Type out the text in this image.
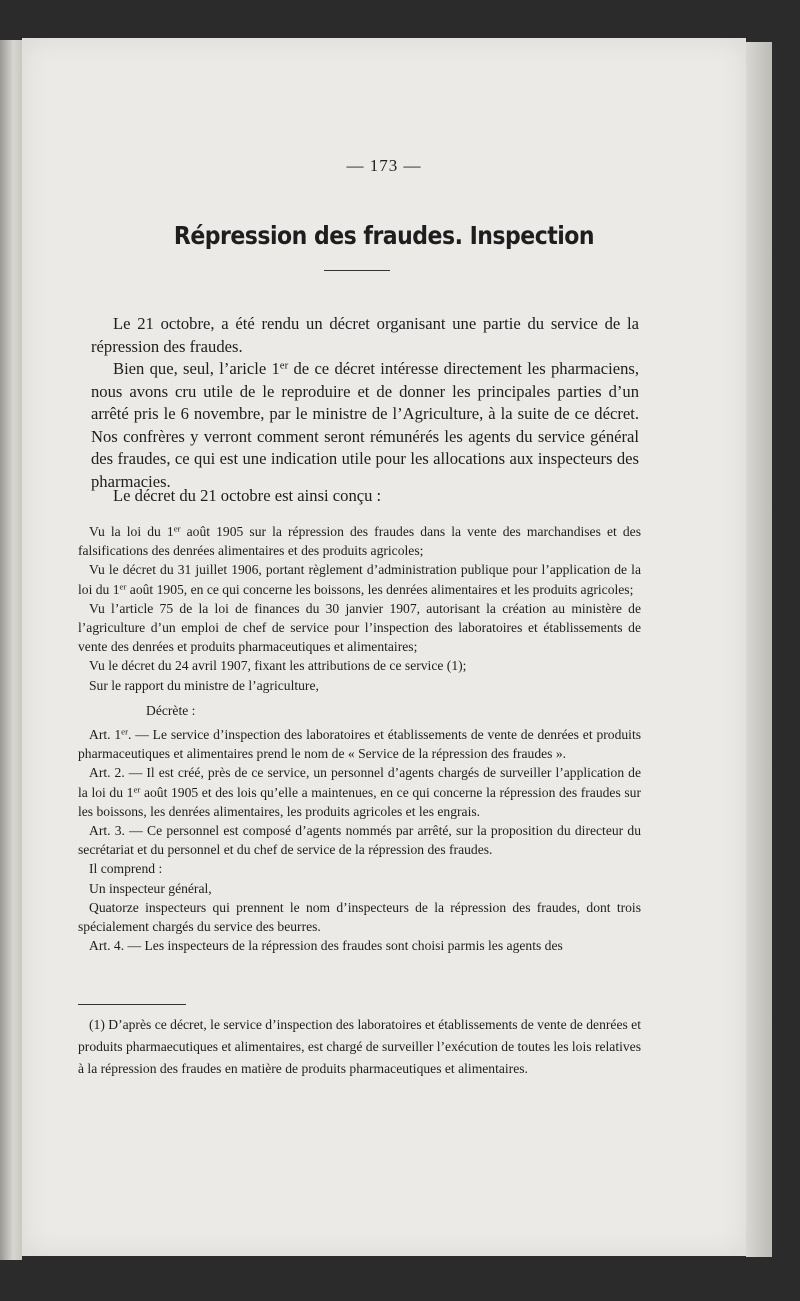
— 173 —
Répression des fraudes. Inspection

Le 21 octobre, a été rendu un décret organisant une partie du service de la répression des fraudes.

Bien que, seul, l’aricle 1er de ce décret intéresse directement les pharmaciens, nous avons cru utile de le reproduire et de donner les principales parties d’un arrêté pris le 6 novembre, par le ministre de l’Agriculture, à la suite de ce décret. Nos confrères y verront comment seront rémunérés les agents du service général des fraudes, ce qui est une indication utile pour les allocations aux inspecteurs des pharmacies.

Le décret du 21 octobre est ainsi conçu :

Vu la loi du 1er août 1905 sur la répression des fraudes dans la vente des marchandises et des falsifications des denrées alimentaires et des produits agricoles;

Vu le décret du 31 juillet 1906, portant règlement d’administration publique pour l’application de la loi du 1er août 1905, en ce qui concerne les boissons, les denrées alimentaires et les produits agricoles;

Vu l’article 75 de la loi de finances du 30 janvier 1907, autorisant la création au ministère de l’agriculture d’un emploi de chef de service pour l’inspection des laboratoires et établissements de vente des denrées et produits pharmaceutiques et alimentaires;

Vu le décret du 24 avril 1907, fixant les attributions de ce service (1);

Sur le rapport du ministre de l’agriculture,

Décrète :

Art. 1er. — Le service d’inspection des laboratoires et établissements de vente de denrées et produits pharmaceutiques et alimentaires prend le nom de « Service de la répression des fraudes ».

Art. 2. — Il est créé, près de ce service, un personnel d’agents chargés de surveiller l’application de la loi du 1er août 1905 et des lois qu’elle a maintenues, en ce qui concerne la répression des fraudes sur les boissons, les denrées alimentaires, les produits agricoles et les engrais.

Art. 3. — Ce personnel est composé d’agents nommés par arrêté, sur la proposition du directeur du secrétariat et du personnel et du chef de service de la répression des fraudes.

Il comprend :

Un inspecteur général,

Quatorze inspecteurs qui prennent le nom d’inspecteurs de la répression des fraudes, dont trois spécialement chargés du service des beurres.

Art. 4. — Les inspecteurs de la répression des fraudes sont choisi parmis les agents des

(1) D’après ce décret, le service d’inspection des laboratoires et établissements de vente de denrées et produits pharmaecutiques et alimentaires, est chargé de surveiller l’exécution de toutes les lois relatives à la répression des fraudes en matière de produits pharmaceutiques et alimentaires.
